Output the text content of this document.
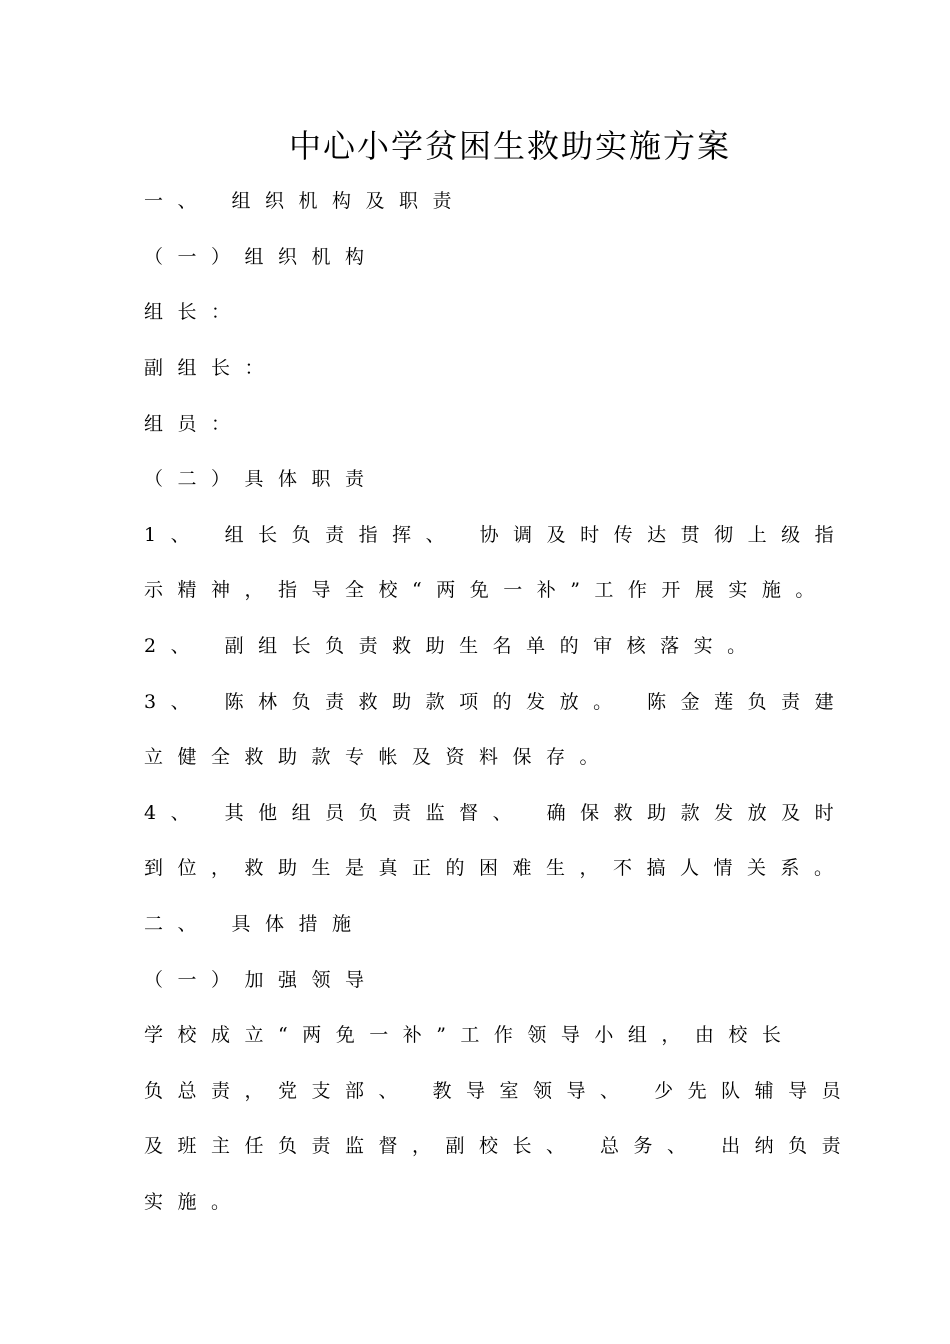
中心小学贫困生救助实施方案
一、 组织机构及职责
（一）组织机构
组长：
副组长：
组员：
（二）具体职责
1、 组长负责指挥、 协调及时传达贯彻上级指
示精神，指导全校“两免一补”工作开展实施。
2、 副组长负责救助生名单的审核落实。
3、 陈林负责救助款项的发放。 陈金莲负责建
立健全救助款专帐及资料保存。
4、 其他组员负责监督、 确保救助款发放及时
到位，救助生是真正的困难生，不搞人情关系。
二、 具体措施
（一）加强领导
学校成立“两免一补”工作领导小组，由校长
负总责，党支部、 教导室领导、 少先队辅导员
及班主任负责监督，副校长、 总务、 出纳负责
实施。
